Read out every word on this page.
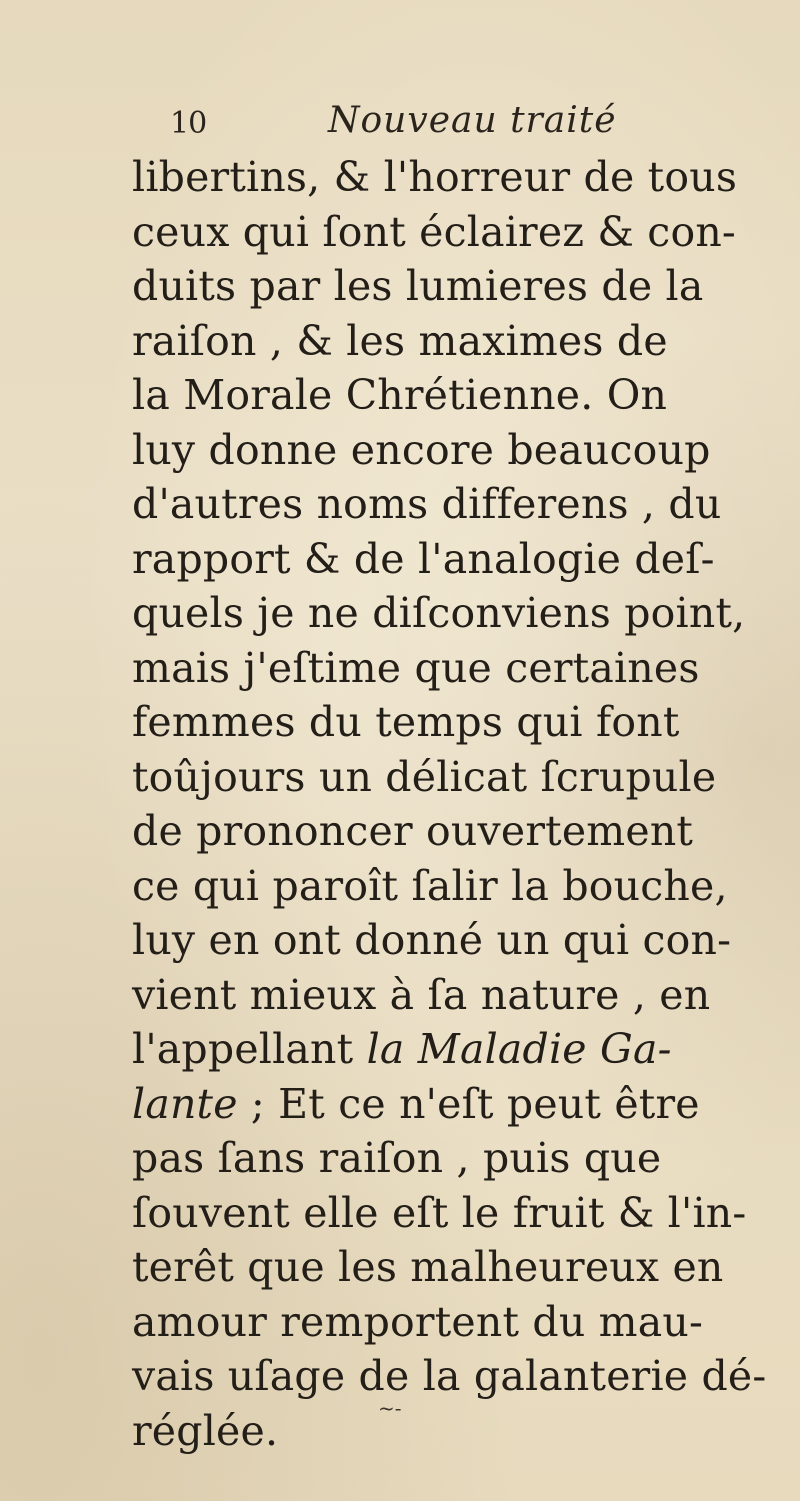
10	Nouveau traité
libertins, & l'horreur de tous
ceux qui ſont éclairez & con-
duits par les lumieres de la
raiſon , & les maximes de
la Morale Chrétienne. On
luy donne encore beaucoup
d'autres noms differens , du
rapport & de l'analogie deſ-
quels je ne diſconviens point,
mais j'eſtime que certaines
femmes du temps qui font
toûjours un délicat ſcrupule
de prononcer ouvertement
ce qui paroît ſalir la bouche,
luy en ont donné un qui con-
vient mieux à ſa nature , en
l'appellant la Maladie Ga-
lante ; Et ce n'eſt peut être
pas ſans raiſon , puis que
ſouvent elle eſt le fruit & l'in-
terêt que les malheureux en
amour remportent du mau-
vais uſage de la galanterie dé-
réglée.	~-
